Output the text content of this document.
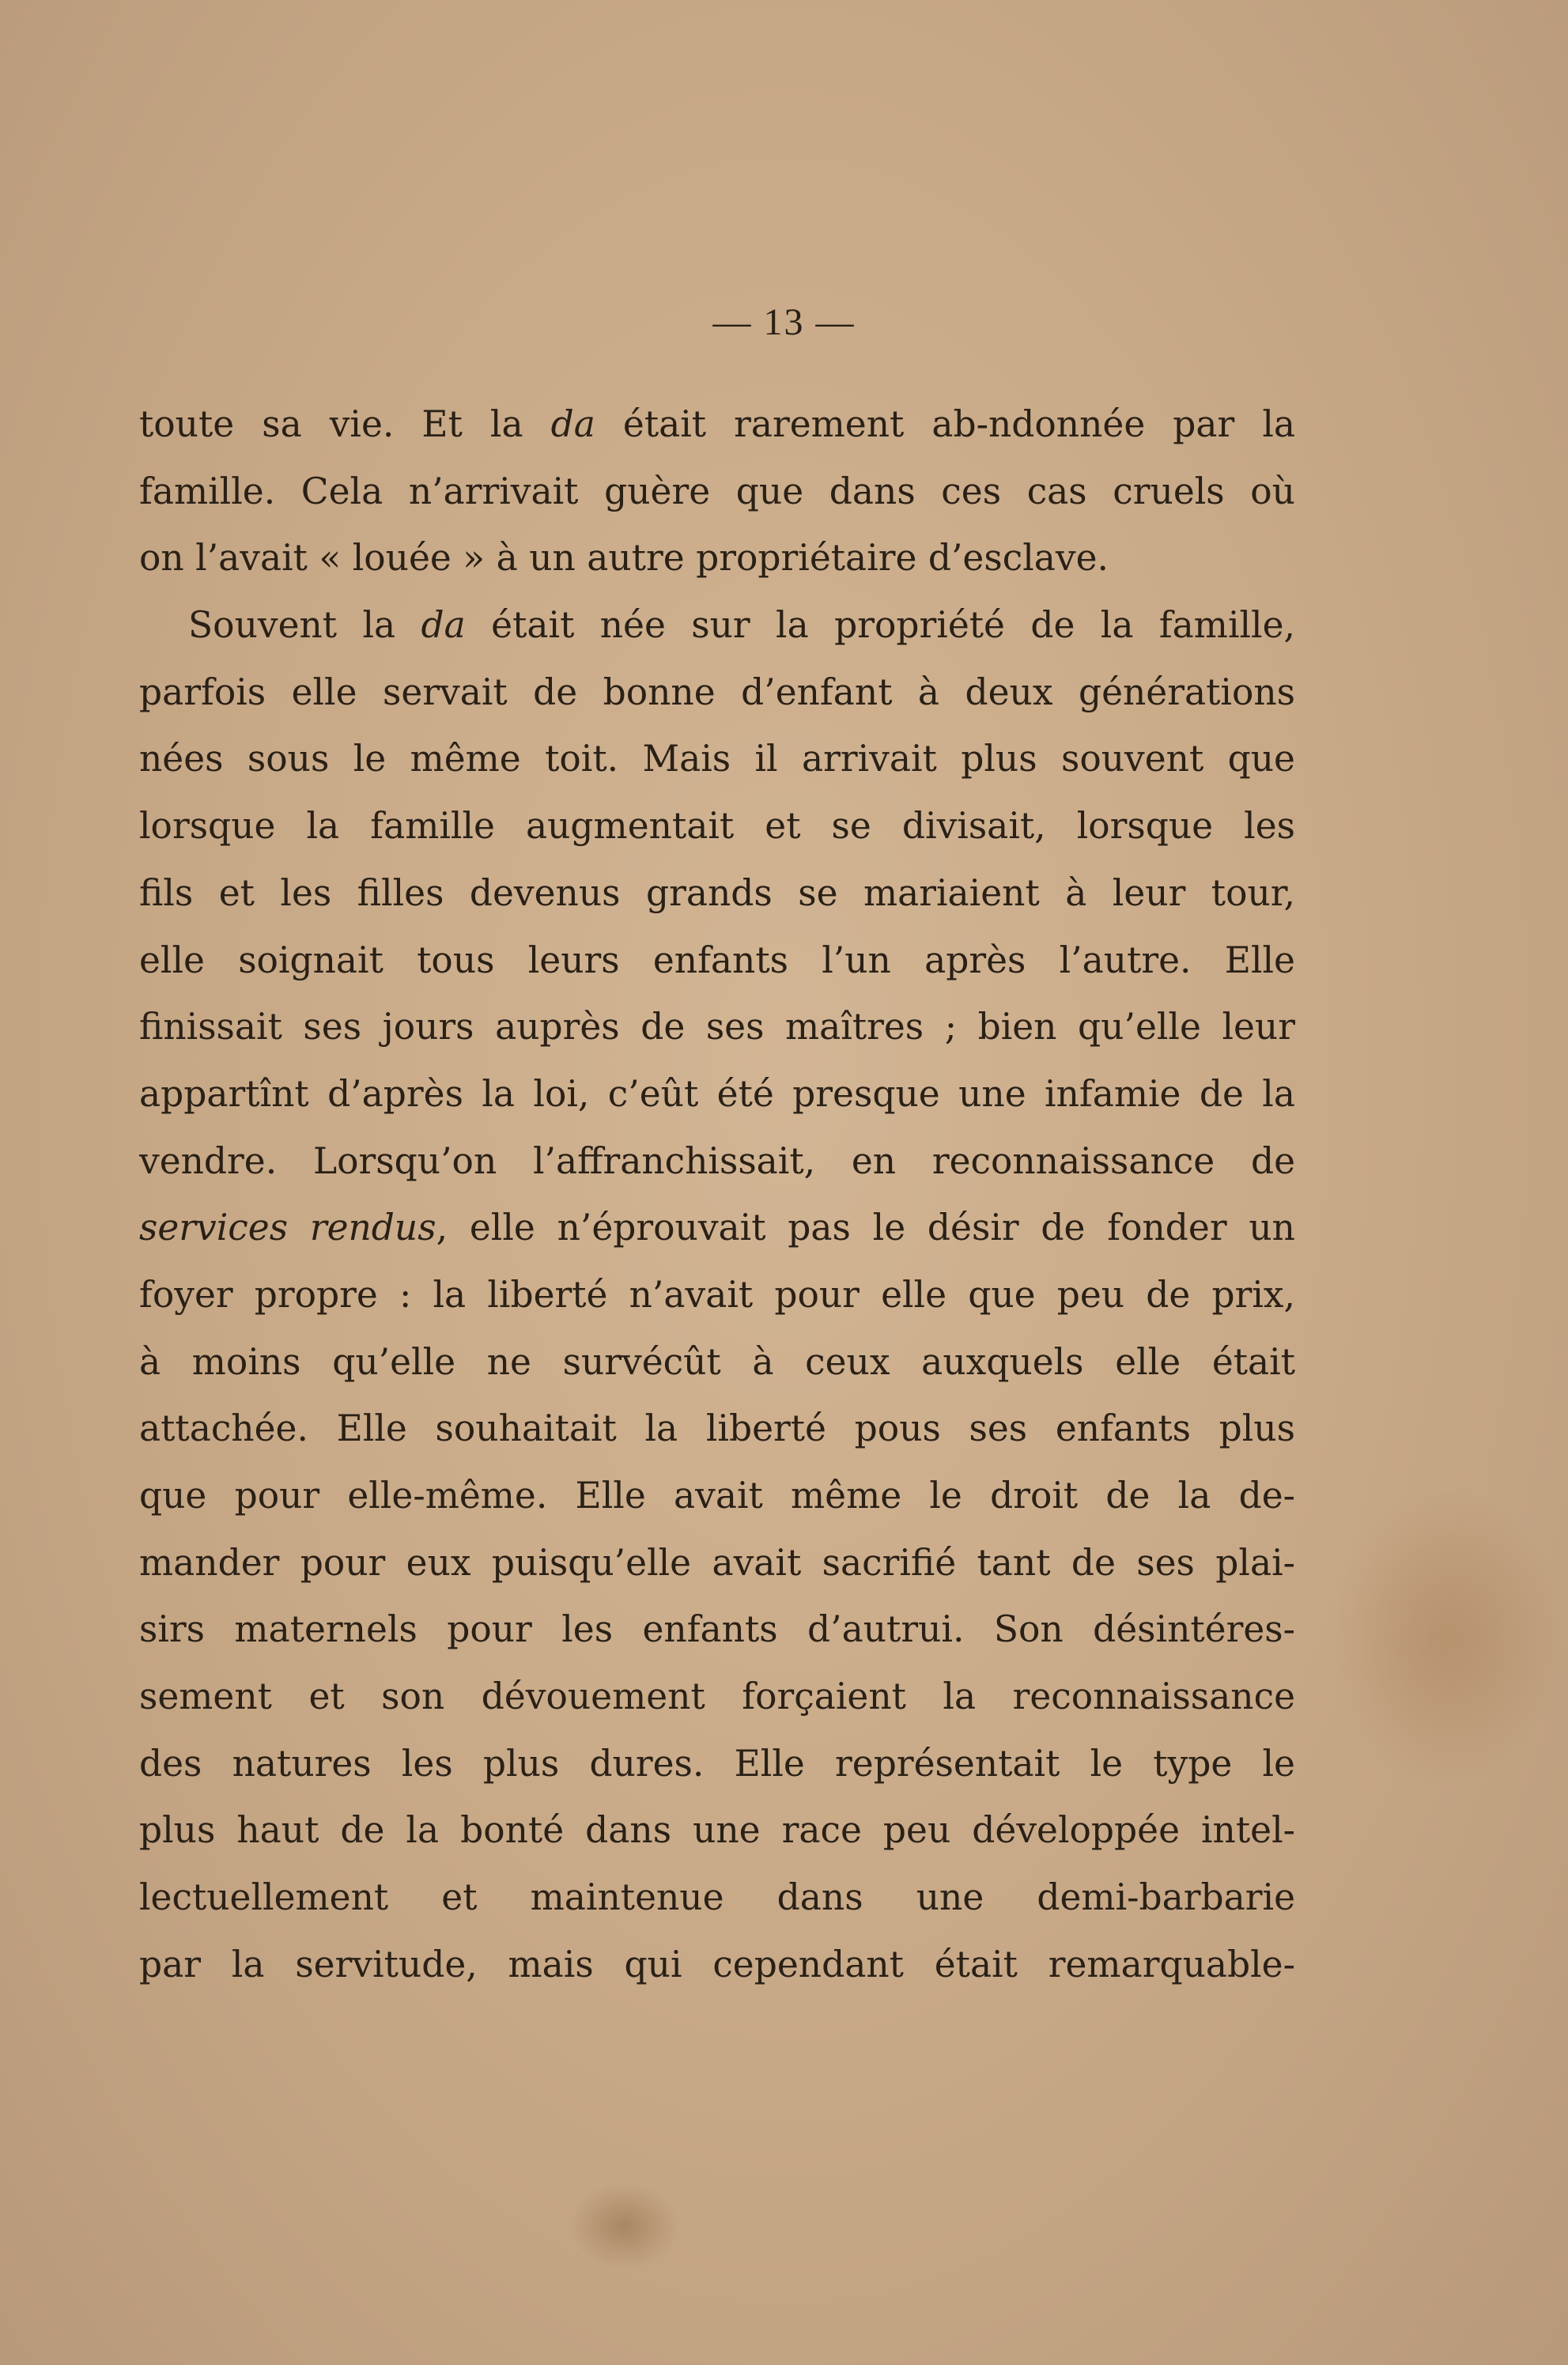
— 13 —
toute sa vie. Et la da était rarement ab-ndonnée par la
famille. Cela n’arrivait guère que dans ces cas cruels où
on l’avait « louée » à un autre propriétaire d’esclave.
Souvent la da était née sur la propriété de la famille,
parfois elle servait de bonne d’enfant à deux générations
nées sous le même toit. Mais il arrivait plus souvent que
lorsque la famille augmentait et se divisait, lorsque les
fils et les filles devenus grands se mariaient à leur tour,
elle soignait tous leurs enfants l’un après l’autre. Elle
finissait ses jours auprès de ses maîtres ; bien qu’elle leur
appartînt d’après la loi, c’eût été presque une infamie de la
vendre. Lorsqu’on l’affranchissait, en reconnaissance de
services rendus, elle n’éprouvait pas le désir de fonder un
foyer propre : la liberté n’avait pour elle que peu de prix,
à moins qu’elle ne survécût à ceux auxquels elle était
attachée. Elle souhaitait la liberté pous ses enfants plus
que pour elle-même. Elle avait même le droit de la de-
mander pour eux puisqu’elle avait sacrifié tant de ses plai-
sirs maternels pour les enfants d’autrui. Son désintéres-
sement et son dévouement forçaient la reconnaissance
des natures les plus dures. Elle représentait le type le
plus haut de la bonté dans une race peu développée intel-
lectuellement et maintenue dans une demi-barbarie
par la servitude, mais qui cependant était remarquable-
